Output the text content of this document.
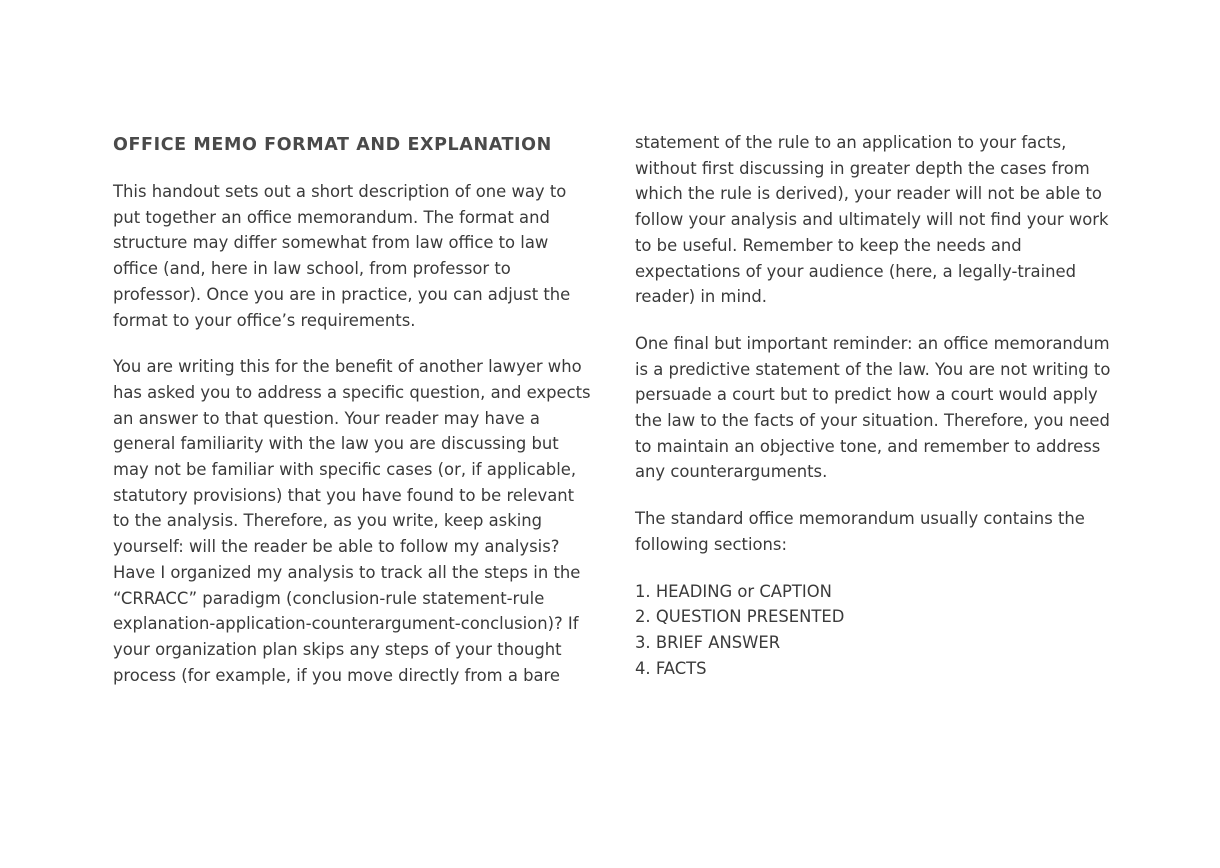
OFFICE MEMO FORMAT AND EXPLANATION

This handout sets out a short description of one way to put together an office memorandum. The format and structure may differ somewhat from law office to law office (and, here in law school, from professor to professor). Once you are in practice, you can adjust the format to your office’s requirements.

You are writing this for the benefit of another lawyer who has asked you to address a specific question, and expects an answer to that question. Your reader may have a general familiarity with the law you are discussing but may not be familiar with specific cases (or, if applicable, statutory provisions) that you have found to be relevant to the analysis. Therefore, as you write, keep asking yourself: will the reader be able to follow my analysis? Have I organized my analysis to track all the steps in the “CRRACC” paradigm (conclusion-rule statement-rule explanation-application-counterargument-conclusion)? If your organization plan skips any steps of your thought process (for example, if you move directly from a bare

statement of the rule to an application to your facts, without first discussing in greater depth the cases from which the rule is derived), your reader will not be able to follow your analysis and ultimately will not find your work to be useful. Remember to keep the needs and expectations of your audience (here, a legally-trained reader) in mind.

One final but important reminder: an office memorandum is a predictive statement of the law. You are not writing to persuade a court but to predict how a court would apply the law to the facts of your situation. Therefore, you need to maintain an objective tone, and remember to address any counterarguments.

The standard office memorandum usually contains the following sections:

1. HEADING or CAPTION
2. QUESTION PRESENTED
3. BRIEF ANSWER
4. FACTS
